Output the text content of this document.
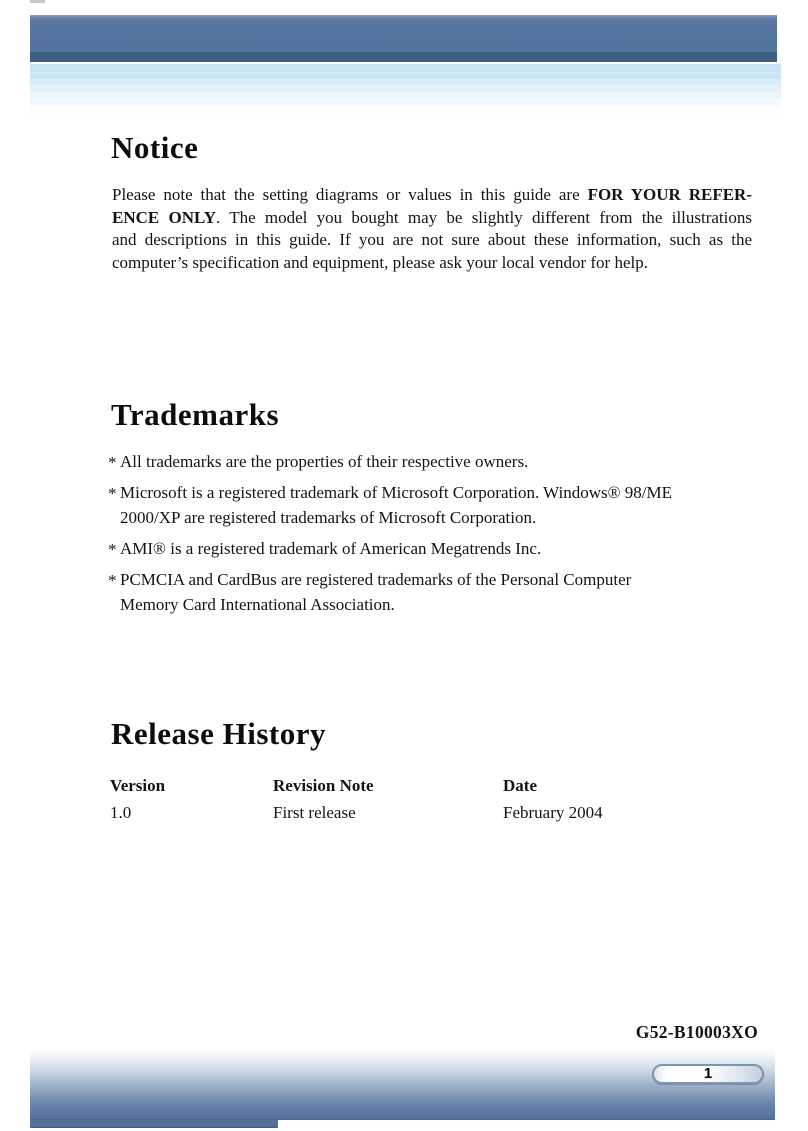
Notice
Please note that the setting diagrams or values in this guide are FOR YOUR REFER-
ENCE ONLY. The model you bought may be slightly different from the illustrations
and descriptions in this guide. If you are not sure about these information, such as the
computer’s specification and equipment, please ask your local vendor for help.
Trademarks
* All trademarks are the properties of their respective owners.
* Microsoft is a registered trademark of Microsoft Corporation. Windows® 98/ME
2000/XP are registered trademarks of Microsoft Corporation.
* AMI® is a registered trademark of American Megatrends Inc.
* PCMCIA and CardBus are registered trademarks of the Personal Computer
Memory Card International Association.
Release History
Version	Revision Note	Date
1.0	First release	February 2004
G52-B10003XO
1
